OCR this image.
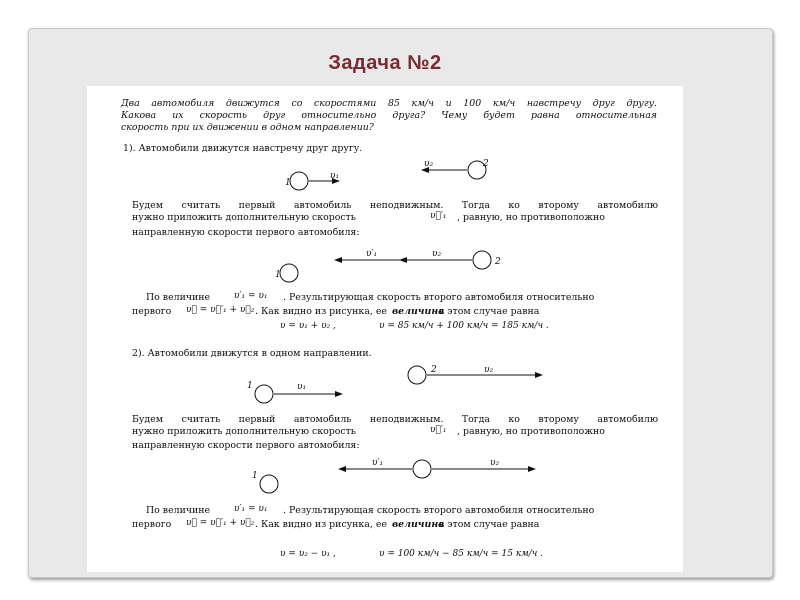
Задача №2
Два автомобиля движутся со скоростями 85 км/ч и 100 км/ч навстречу друг другу.
Какова их скорость друг относительно друга? Чему будет равна относительная
скорость при их движении в одном направлении?
1). Автомобили движутся навстречу друг другу.
Будем считать первый автомобиль неподвижным. Тогда ко второму автомобилю
нужно приложить дополнительную скорость	υ⃗′₁ , равную, но противоположно
направленную скорости первого автомобиля:
По величине	υ′₁ = υ₁ . Результирующая скорость второго автомобиля относительно
первого υ⃗ = υ⃗′₁ + υ⃗₂ . Как видно из рисунка, ее величина
в этом случае равна
υ = υ₁ + υ₂ ,	υ = 85 км/ч + 100 км/ч = 185 км/ч .
2). Автомобили движутся в одном направлении.
Будем считать первый автомобиль неподвижным. Тогда ко второму автомобилю
нужно приложить дополнительную скорость	υ⃗′₁ , равную, но противоположно
направленную скорости первого автомобиля:
По величине	υ′₁ = υ₁ . Результирующая скорость второго автомобиля относительно
первого υ⃗ = υ⃗′₁ + υ⃗₂ . Как видно из рисунка, ее величина
в этом случае равна
υ = υ₂ − υ₁ ,	υ = 100 км/ч − 85 км/ч = 15 км/ч .
1
υ₁
2
υ₂
1
2
υ′₁	υ₂
1	υ₁
2	υ₂
1
υ′₁	υ₂
